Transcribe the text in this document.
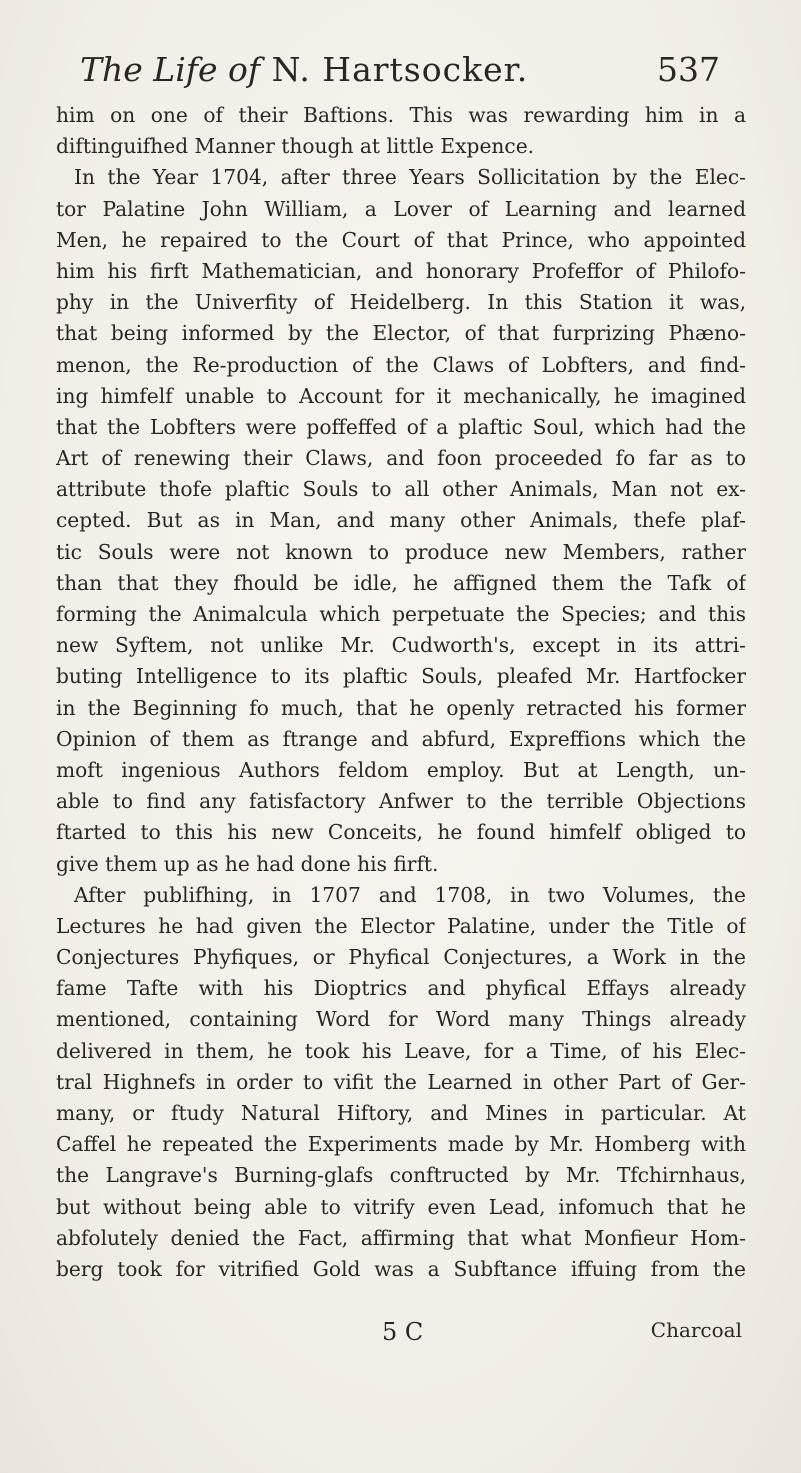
The Life of N. Hartsocker.	537
him on one of their Baftions. This was rewarding him in a
diftinguifhed Manner though at little Expence.
In the Year 1704, after three Years Sollicitation by the Elec-
tor Palatine John William, a Lover of Learning and learned
Men, he repaired to the Court of that Prince, who appointed
him his firft Mathematician, and honorary Profeffor of Philofo-
phy in the Univerfity of Heidelberg. In this Station it was,
that being informed by the Elector, of that furprizing Phæno-
menon, the Re-production of the Claws of Lobfters, and find-
ing himfelf unable to Account for it mechanically, he imagined
that the Lobfters were poffeffed of a plaftic Soul, which had the
Art of renewing their Claws, and foon proceeded fo far as to
attribute thofe plaftic Souls to all other Animals, Man not ex-
cepted. But as in Man, and many other Animals, thefe plaf-
tic Souls were not known to produce new Members, rather
than that they fhould be idle, he affigned them the Tafk of
forming the Animalcula which perpetuate the Species; and this
new Syftem, not unlike Mr. Cudworth's, except in its attri-
buting Intelligence to its plaftic Souls, pleafed Mr. Hartfocker
in the Beginning fo much, that he openly retracted his former
Opinion of them as ftrange and abfurd, Expreffions which the
moft ingenious Authors feldom employ. But at Length, un-
able to find any fatisfactory Anfwer to the terrible Objections
ftarted to this his new Conceits, he found himfelf obliged to
give them up as he had done his firft.
After publifhing, in 1707 and 1708, in two Volumes, the
Lectures he had given the Elector Palatine, under the Title of
Conjectures Phyfiques, or Phyfical Conjectures, a Work in the
fame Tafte with his Dioptrics and phyfical Effays already
mentioned, containing Word for Word many Things already
delivered in them, he took his Leave, for a Time, of his Elec-
tral Highnefs in order to vifit the Learned in other Part of Ger-
many, or ftudy Natural Hiftory, and Mines in particular. At
Caffel he repeated the Experiments made by Mr. Homberg with
the Langrave's Burning-glafs conftructed by Mr. Tfchirnhaus,
but without being able to vitrify even Lead, infomuch that he
abfolutely denied the Fact, affirming that what Monfieur Hom-
berg took for vitrified Gold was a Subftance iffuing from the
5 C	Charcoal
